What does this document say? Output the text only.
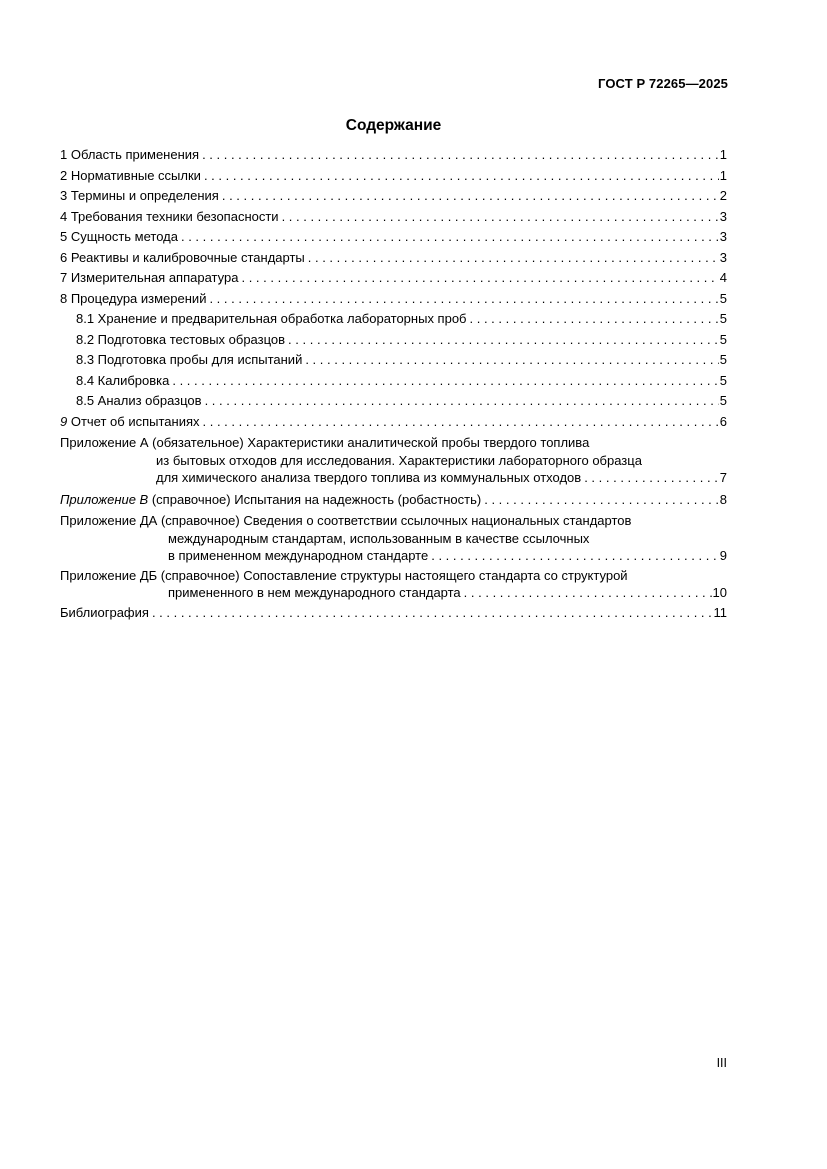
ГОСТ Р 72265—2025
Содержание
1 Область применения . . .	1
2 Нормативные ссылки . . .	1
3 Термины и определения . . .	2
4 Требования техники безопасности . . .	3
5 Сущность метода . . .	3
6 Реактивы и калибровочные стандарты . . .	3
7 Измерительная аппаратура . . .	4
8 Процедура измерений . . .	5
8.1 Хранение и предварительная обработка лабораторных проб . . .	5
8.2 Подготовка тестовых образцов . . .	5
8.3 Подготовка пробы для испытаний . . .	5
8.4 Калибровка . . .	5
8.5 Анализ образцов . . .	5
9 Отчет об испытаниях . . .	6
Приложение А (обязательное) Характеристики аналитической пробы твердого топлива
из бытовых отходов для исследования. Характеристики лабораторного образца
для химического анализа твердого топлива из коммунальных отходов . . .	7
Приложение В (справочное) Испытания на надежность (робастность) . . .	8
Приложение ДА (справочное) Сведения о соответствии ссылочных национальных стандартов
международным стандартам, использованным в качестве ссылочных
в примененном международном стандарте . . .	9
Приложение ДБ (справочное) Сопоставление структуры настоящего стандарта со структурой
примененного в нем международного стандарта . . .	10
Библиография . . .	11
III
